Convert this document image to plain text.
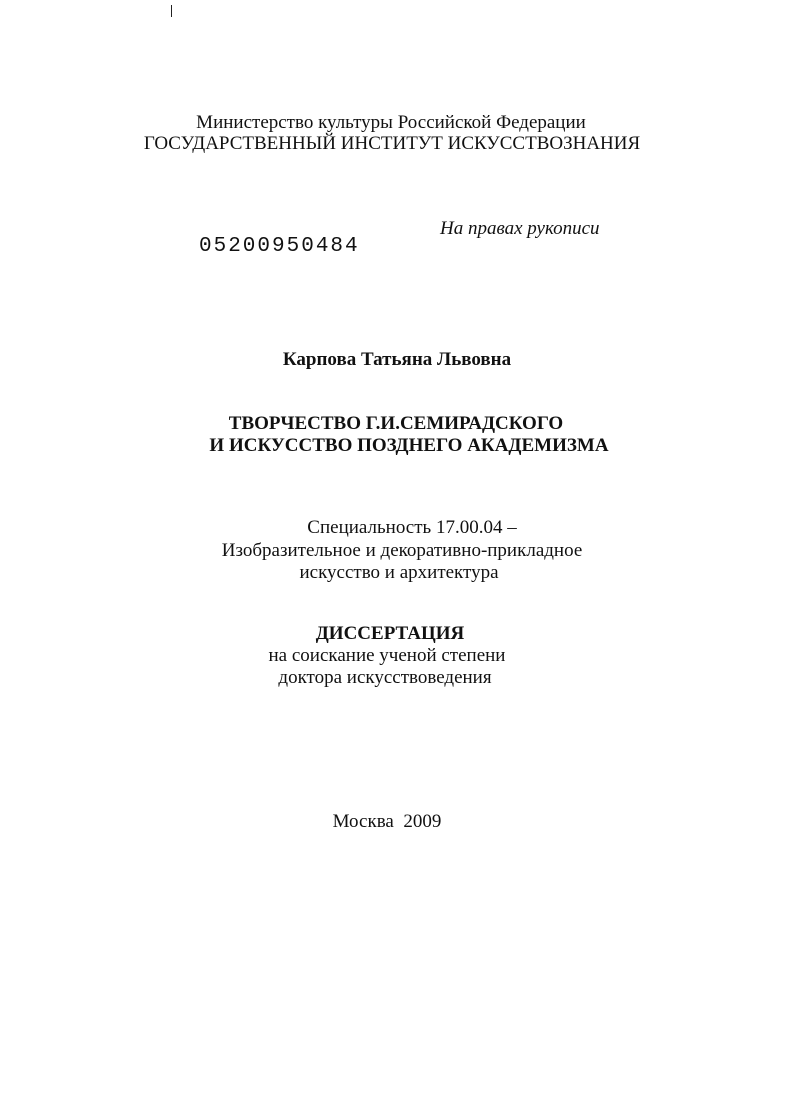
Министерство культуры Российской Федерации
ГОСУДАРСТВЕННЫЙ ИНСТИТУТ ИСКУССТВОЗНАНИЯ
На правах рукописи
05200950484
Карпова Татьяна Львовна
ТВОРЧЕСТВО Г.И.СЕМИРАДСКОГО
И ИСКУССТВО ПОЗДНЕГО АКАДЕМИЗМА
Специальность 17.00.04 –
Изобразительное и декоративно-прикладное
искусство и архитектура
ДИССЕРТАЦИЯ
на соискание ученой степени
доктора искусствоведения
Москва  2009
